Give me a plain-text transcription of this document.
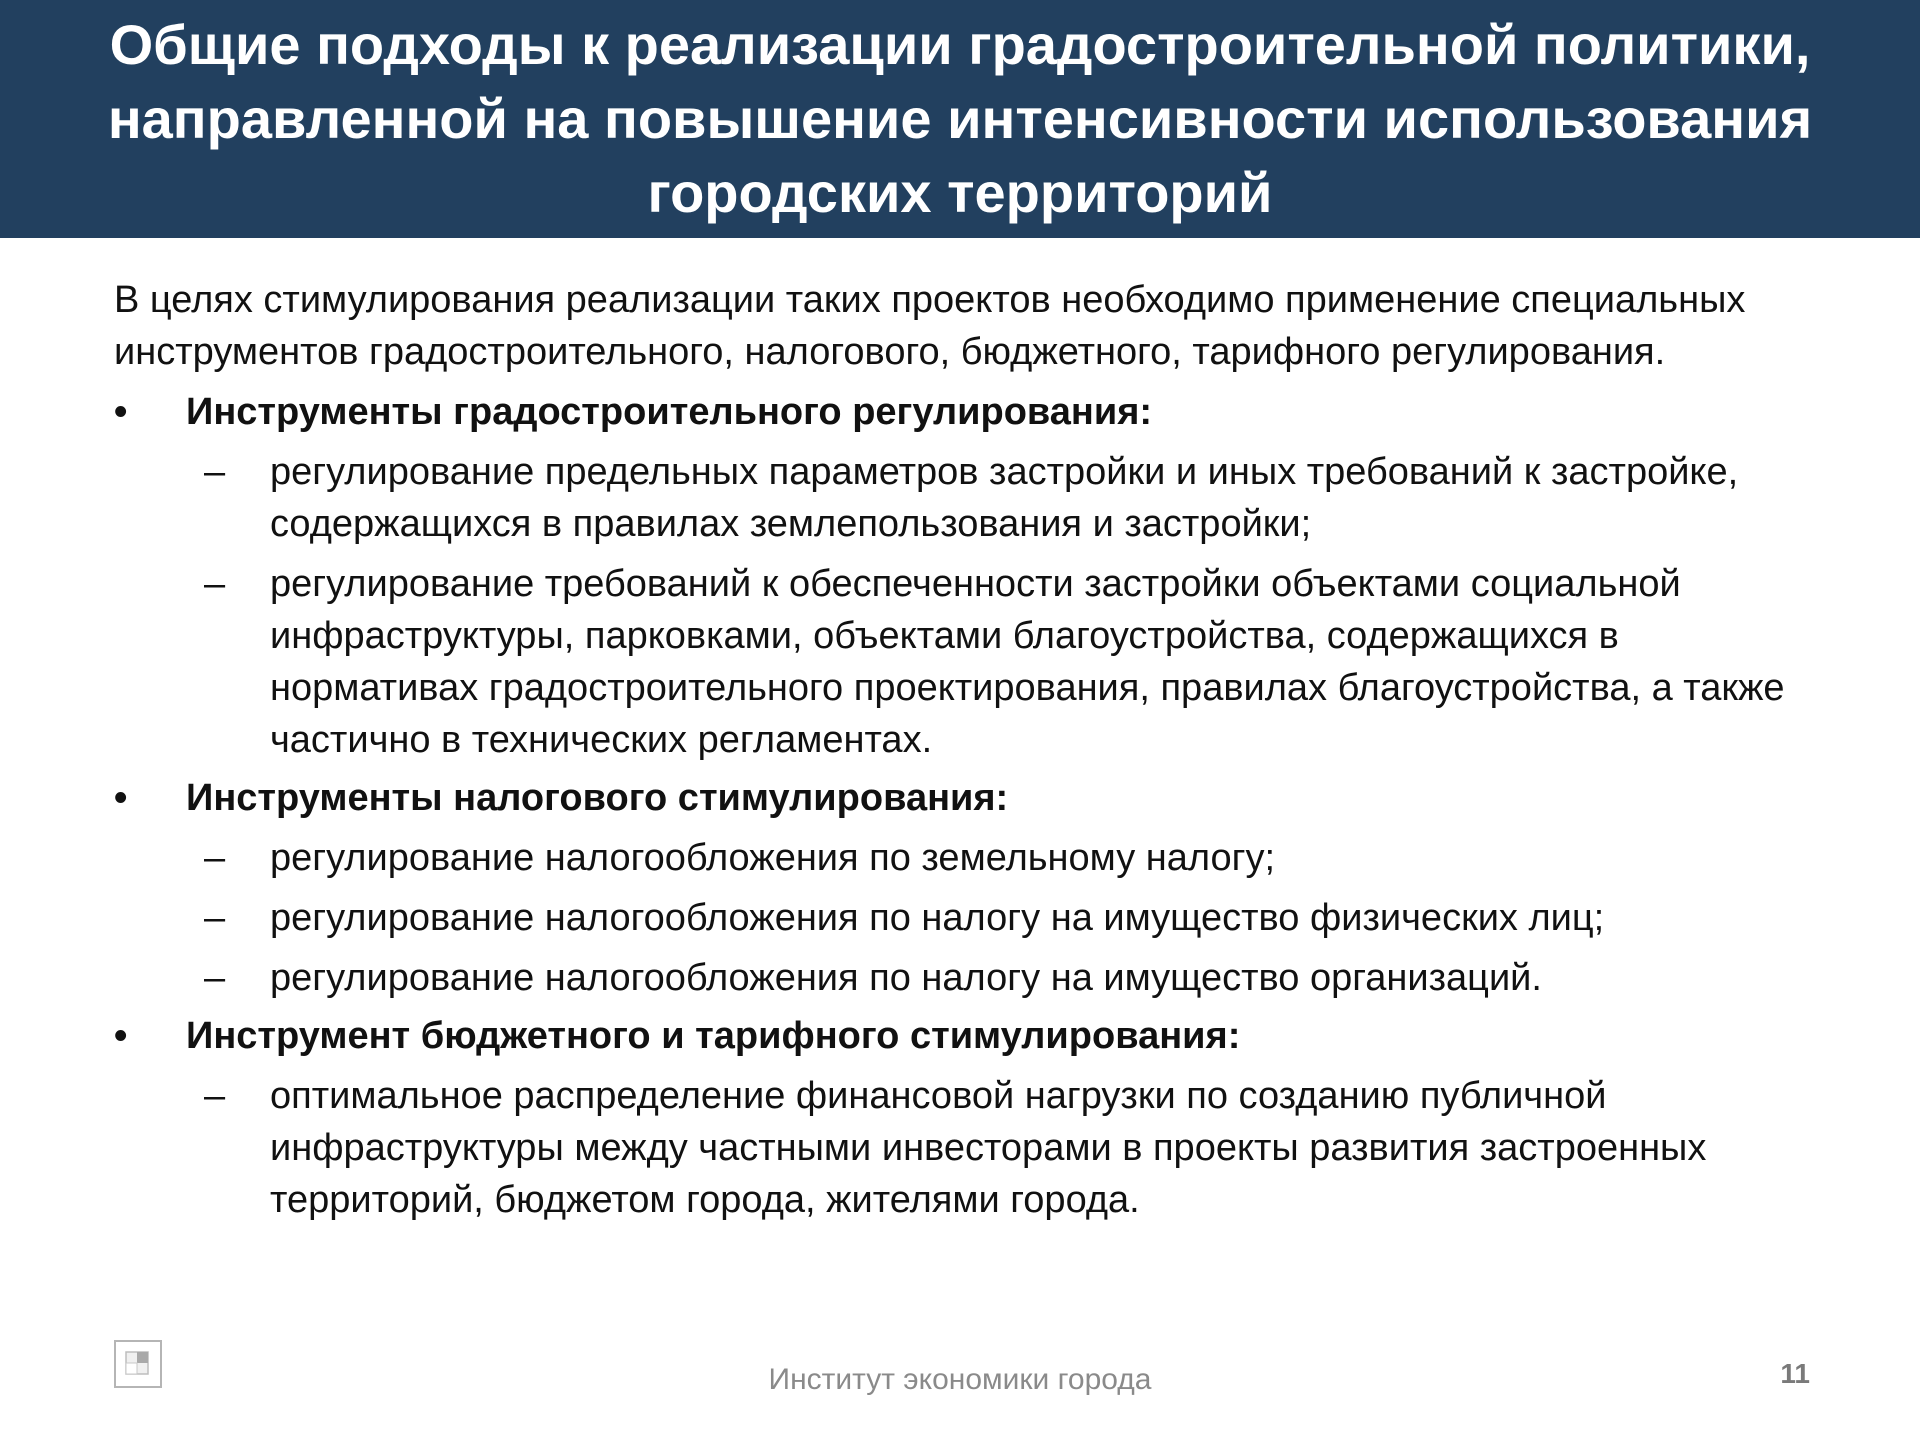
Общие подходы к реализации градостроительной политики, направленной на повышение интенсивности использования городских территорий

В целях стимулирования реализации таких проектов необходимо применение специальных инструментов градостроительного, налогового, бюджетного, тарифного регулирования.

•	Инструменты градостроительного регулирования:
–	регулирование предельных параметров застройки и иных требований к застройке, содержащихся в правилах землепользования и застройки;
–	регулирование требований к обеспеченности застройки объектами социальной инфраструктуры, парковками, объектами благоустройства, содержащихся в нормативах градостроительного проектирования, правилах благоустройства, а также частично в технических регламентах.
•	Инструменты налогового стимулирования:
–	регулирование налогообложения по земельному налогу;
–	регулирование налогообложения по налогу на имущество физических лиц;
–	регулирование налогообложения по налогу на имущество организаций.
•	Инструмент бюджетного и тарифного стимулирования:
–	оптимальное распределение финансовой нагрузки по созданию публичной инфраструктуры между частными инвесторами в проекты развития застроенных территорий, бюджетом города, жителями города.
Институт экономики города	11
